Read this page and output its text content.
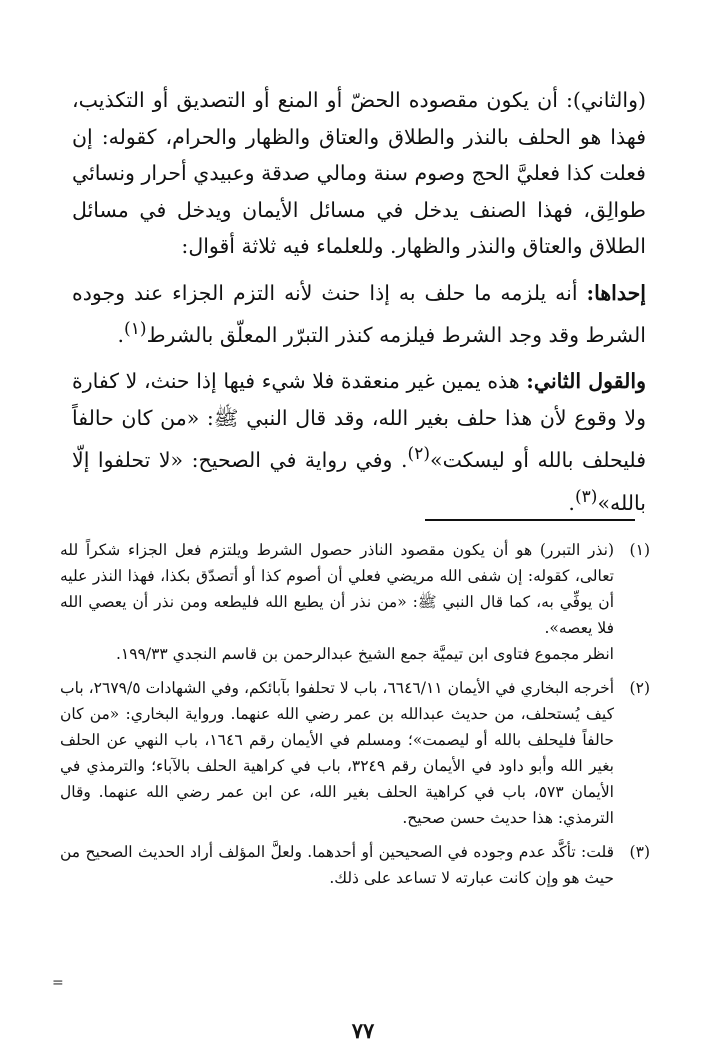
(والثاني): أن يكون مقصوده الحضّ أو المنع أو التصديق أو التكذيب، فهذا هو الحلف بالنذر والطلاق والعتاق والظهار والحرام، كقوله: إن فعلت كذا فعليَّ الحج وصوم سنة ومالي صدقة وعبيدي أحرار ونسائي طوالِق، فهذا الصنف يدخل في مسائل الأيمان ويدخل في مسائل الطلاق والعتاق والنذر والظهار. وللعلماء فيه ثلاثة أقوال:

إحداها: أنه يلزمه ما حلف به إذا حنث لأنه التزم الجزاء عند وجوده الشرط وقد وجد الشرط فيلزمه كنذر التبرّر المعلّق بالشرط$^{(١)}$.

والقول الثاني: هذه يمين غير منعقدة فلا شيء فيها إذا حنث، لا كفارة ولا وقوع لأن هذا حلف بغير الله، وقد قال النبي ﷺ: «من كان حالفاً فليحلف بالله أو ليسكت»$^{(٢)}$. وفي رواية في الصحيح: «لا تحلفوا إلّا بالله»$^{(٣)}$.

(١)

(نذر التبرر) هو أن يكون مقصود الناذر حصول الشرط ويلتزم فعل الجزاء شكراً لله تعالى، كقوله: إن شفى الله مريضي فعلي أن أصوم كذا أو أتصدّق بكذا، فهذا النذر عليه أن يوفِّي به، كما قال النبي ﷺ: «من نذر أن يطيع الله فليطعه ومن نذر أن يعصي الله فلا يعصه».

انظر مجموع فتاوى ابن تيميَّة جمع الشيخ عبدالرحمن بن قاسم النجدي ١٩٩/٣٣.

(٢)

أخرجه البخاري في الأيمان ٦٦٤٦/١١، باب لا تحلفوا بآبائكم، وفي الشهادات ٢٦٧٩/٥، باب كيف يُستحلف، من حديث عبدالله بن عمر رضي الله عنهما. ورواية البخاري: «من كان حالفاً فليحلف بالله أو ليصمت»؛ ومسلم في الأيمان رقم ١٦٤٦، باب النهي عن الحلف بغير الله وأبو داود في الأيمان رقم ٣٢٤٩، باب في كراهية الحلف بالآباء؛ والترمذي في الأيمان ٥٧٣، باب في كراهية الحلف بغير الله، عن ابن عمر رضي الله عنهما. وقال الترمذي: هذا حديث حسن صحيح.

(٣)

قلت: تأكَّد عدم وجوده في الصحيحين أو أحدهما. ولعلَّ المؤلف أراد الحديث الصحيح من حيث هو وإن كانت عبارته لا تساعد على ذلك.

=
٧٧
